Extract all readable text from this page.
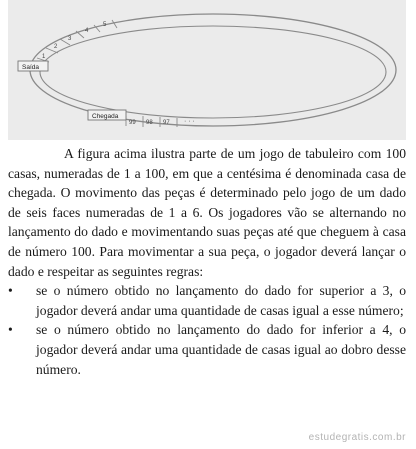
1
2
3
4
5
Saída
Chegada
99 98 97 · · ·

A figura acima ilustra parte de um jogo de tabuleiro com 100 casas, numeradas de 1 a 100, em que a centésima é denominada casa de chegada. O movimento das peças é determinado pelo jogo de um dado de seis faces numeradas de 1 a 6. Os jogadores vão se alternando no lançamento do dado e movimentando suas peças até que cheguem à casa de número 100. Para movimentar a sua peça, o jogador deverá lançar o dado e respeitar as seguintes regras:

• se o número obtido no lançamento do dado for superior a 3, o jogador deverá andar uma quantidade de casas igual a esse número;
• se o número obtido no lançamento do dado for inferior a 4, o jogador deverá andar uma quantidade de casas igual ao dobro desse número.
estudegratis.com.br
